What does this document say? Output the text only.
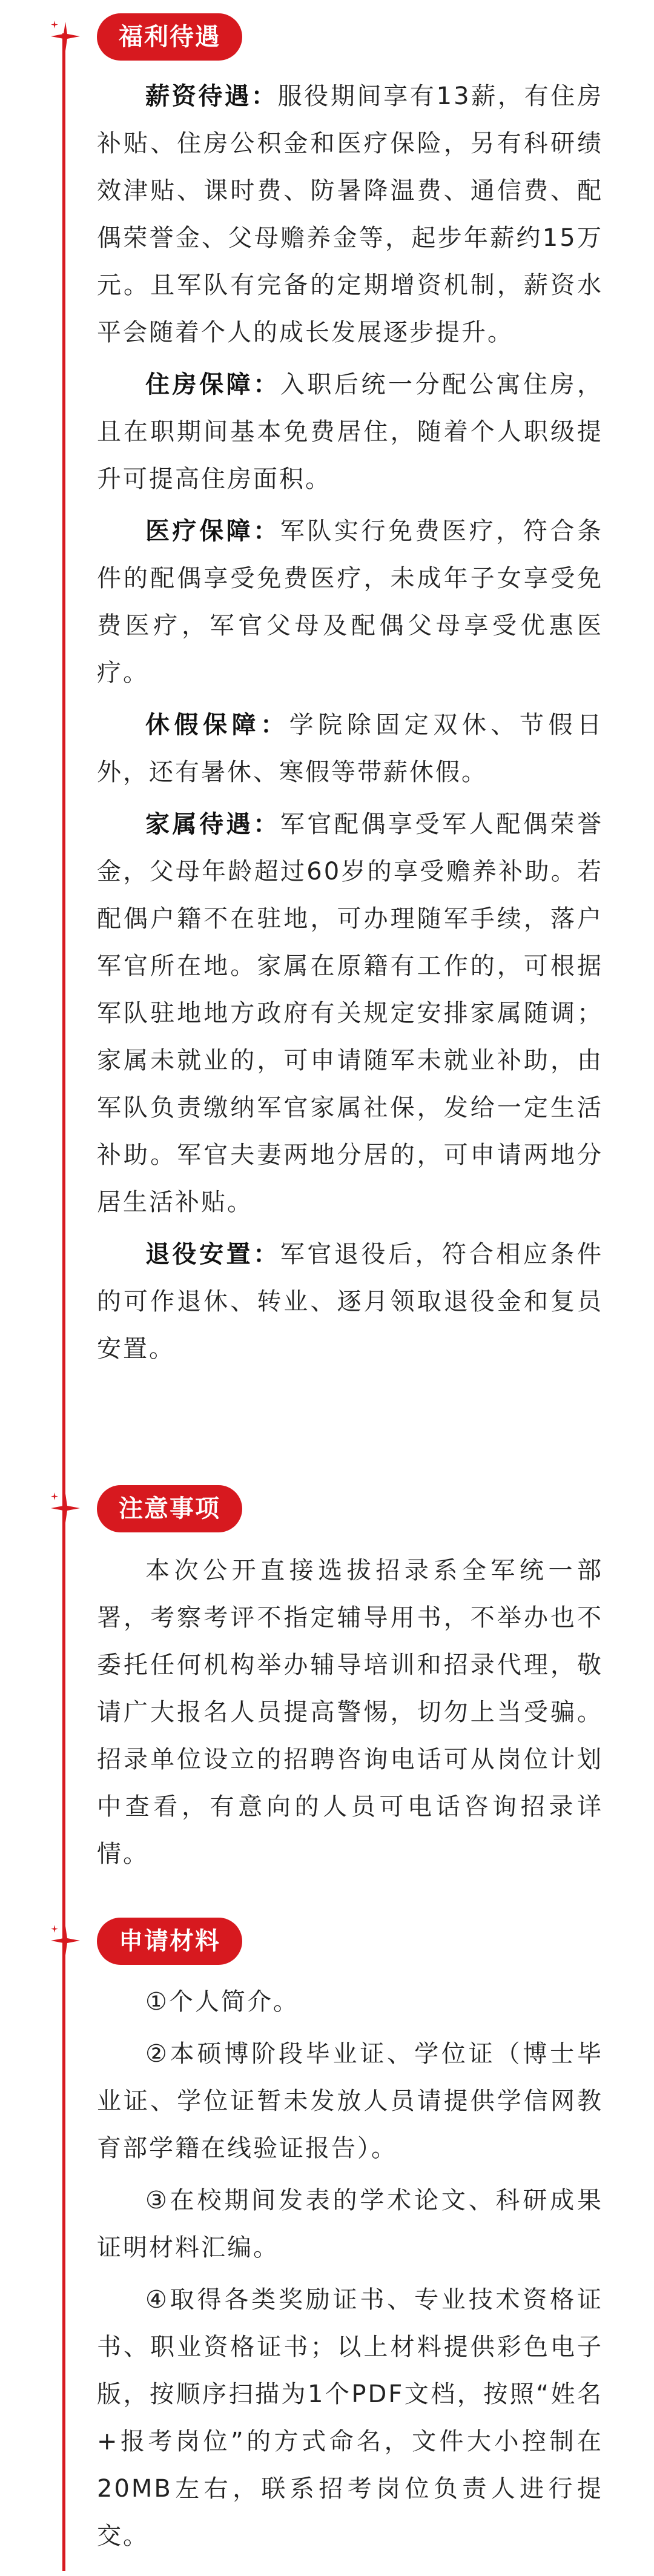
福利待遇

薪资待遇：服役期间享有13薪，有住房补贴、住房公积金和医疗保险，另有科研绩效津贴、课时费、防暑降温费、通信费、配偶荣誉金、父母赡养金等，起步年薪约15万元。且军队有完备的定期增资机制，薪资水平会随着个人的成长发展逐步提升。

住房保障：入职后统一分配公寓住房，且在职期间基本免费居住，随着个人职级提升可提高住房面积。

医疗保障：军队实行免费医疗，符合条件的配偶享受免费医疗，未成年子女享受免费医疗，军官父母及配偶父母享受优惠医疗。

休假保障：学院除固定双休、节假日外，还有暑休、寒假等带薪休假。

家属待遇：军官配偶享受军人配偶荣誉金，父母年龄超过60岁的享受赡养补助。若配偶户籍不在驻地，可办理随军手续，落户军官所在地。家属在原籍有工作的，可根据军队驻地地方政府有关规定安排家属随调；家属未就业的，可申请随军未就业补助，由军队负责缴纳军官家属社保，发给一定生活补助。军官夫妻两地分居的，可申请两地分居生活补贴。

退役安置：军官退役后，符合相应条件的可作退休、转业、逐月领取退役金和复员安置。

注意事项

本次公开直接选拔招录系全军统一部署，考察考评不指定辅导用书，不举办也不委托任何机构举办辅导培训和招录代理，敬请广大报名人员提高警惕，切勿上当受骗。招录单位设立的招聘咨询电话可从岗位计划中查看，有意向的人员可电话咨询招录详情。

申请材料

①个人简介。

②本硕博阶段毕业证、学位证（博士毕业证、学位证暂未发放人员请提供学信网教育部学籍在线验证报告）。

③在校期间发表的学术论文、科研成果证明材料汇编。

④取得各类奖励证书、专业技术资格证书、职业资格证书；以上材料提供彩色电子版，按顺序扫描为1个PDF文档，按照“姓名+报考岗位”的方式命名，文件大小控制在20MB左右，联系招考岗位负责人进行提交。
